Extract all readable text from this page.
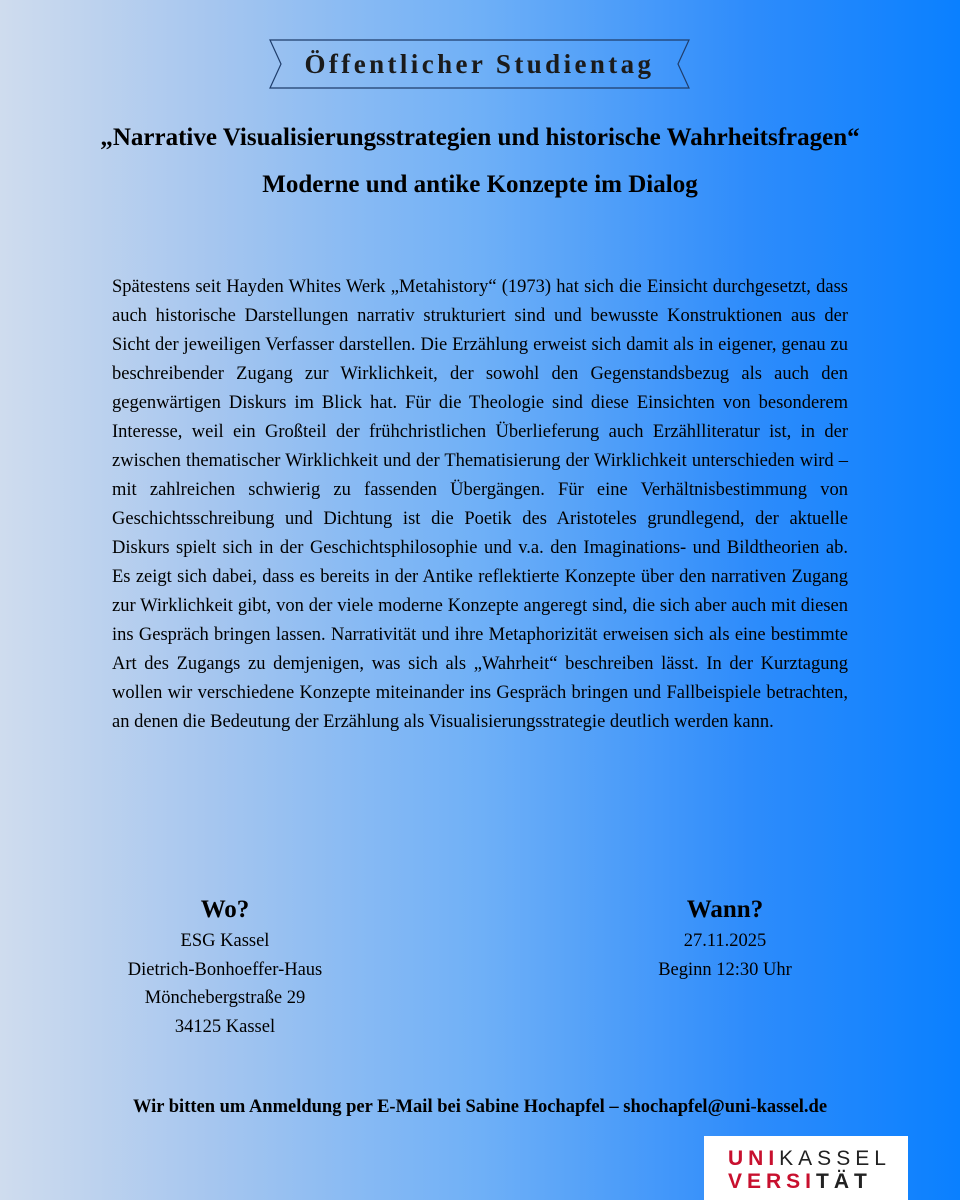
Öffentlicher Studientag
„Narrative Visualisierungsstrategien und historische Wahrheitsfragen“
Moderne und antike Konzepte im Dialog
Spätestens seit Hayden Whites Werk „Metahistory“ (1973) hat sich die Einsicht durchgesetzt, dass auch historische Darstellungen narrativ strukturiert sind und bewusste Konstruktionen aus der Sicht der jeweiligen Verfasser darstellen. Die Erzählung erweist sich damit als in eigener, genau zu beschreibender Zugang zur Wirklichkeit, der sowohl den Gegenstandsbezug als auch den gegenwärtigen Diskurs im Blick hat. Für die Theologie sind diese Einsichten von besonderem Interesse, weil ein Großteil der frühchristlichen Überlieferung auch Erzählliteratur ist, in der zwischen thematischer Wirklichkeit und der Thematisierung der Wirklichkeit unterschieden wird – mit zahlreichen schwierig zu fassenden Übergängen. Für eine Verhältnisbestimmung von Geschichtsschreibung und Dichtung ist die Poetik des Aristoteles grundlegend, der aktuelle Diskurs spielt sich in der Geschichtsphilosophie und v.a. den Imaginations- und Bildtheorien ab. Es zeigt sich dabei, dass es bereits in der Antike reflektierte Konzepte über den narrativen Zugang zur Wirklichkeit gibt, von der viele moderne Konzepte angeregt sind, die sich aber auch mit diesen ins Gespräch bringen lassen. Narrativität und ihre Metaphorizität erweisen sich als eine bestimmte Art des Zugangs zu demjenigen, was sich als „Wahrheit“ beschreiben lässt. In der Kurztagung wollen wir verschiedene Konzepte miteinander ins Gespräch bringen und Fallbeispiele betrachten, an denen die Bedeutung der Erzählung als Visualisierungsstrategie deutlich werden kann.
Wo?
ESG Kassel
Dietrich-Bonhoeffer-Haus
Mönchebergstraße 29
34125 Kassel
Wann?
27.11.2025
Beginn 12:30 Uhr
Wir bitten um Anmeldung per E-Mail bei Sabine Hochapfel – shochapfel@uni-kassel.de
UNIKASSEL
VERSITÄT
